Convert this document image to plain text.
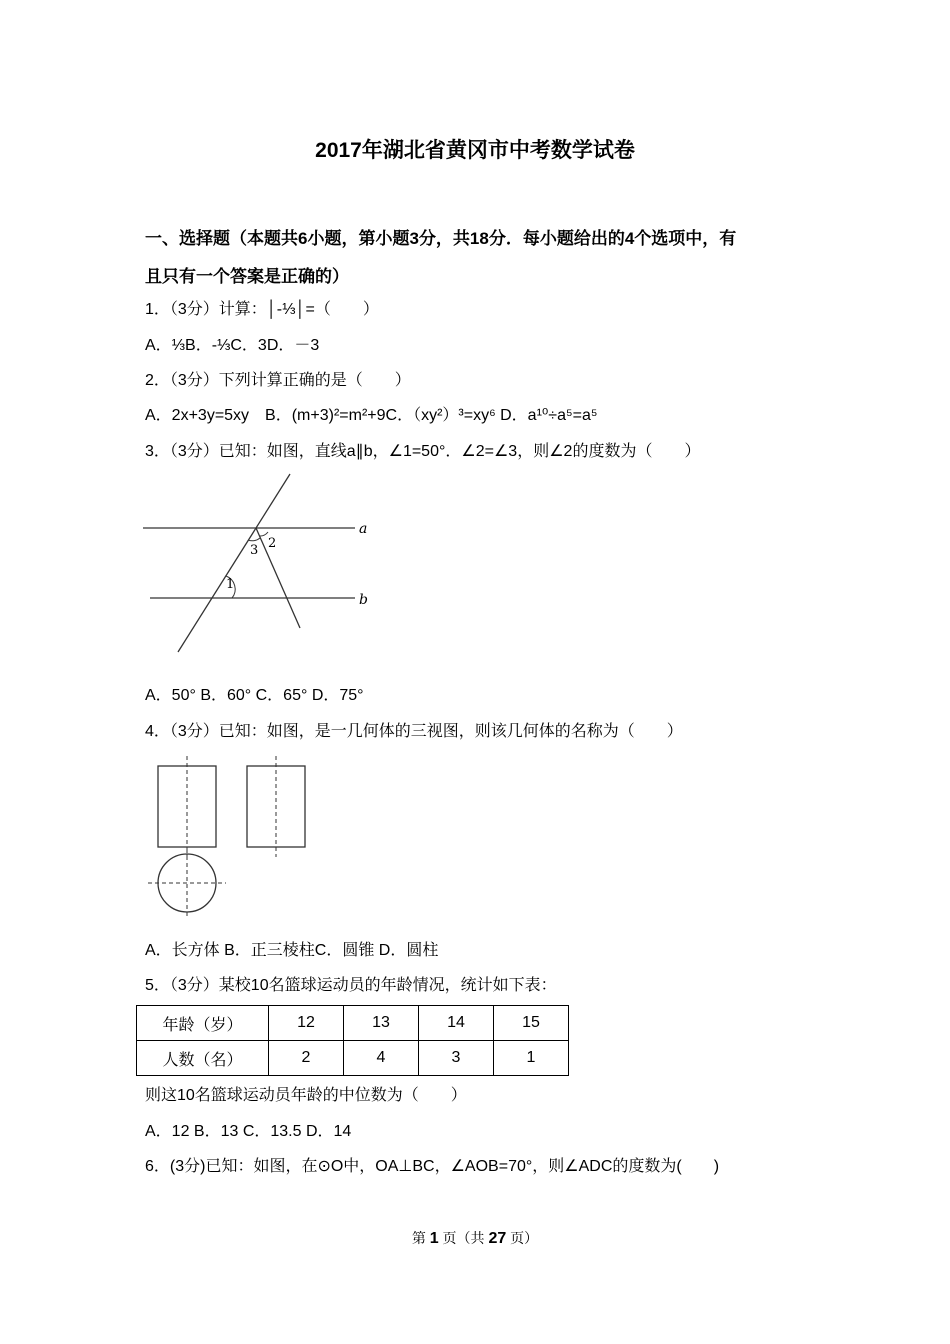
2017年湖北省黄冈市中考数学试卷
一、选择题（本题共6小题，第小题3分，共18分．每小题给出的4个选项中，有
且只有一个答案是正确的）
1．（3分）计算：│-⅓│=（　　）
A．⅓B．-⅓C．3D．－3
2．（3分）下列计算正确的是（　　）
A．2x+3y=5xy　B．(m+3)²=m²+9C．（xy²）³=xy⁶ D．a¹⁰÷a⁵=a⁵
3．（3分）已知：如图，直线a∥b，∠1=50°．∠2=∠3，则∠2的度数为（　　）
a
b
1
2
3
A．50° B．60° C．65° D．75°
4．（3分）已知：如图，是一几何体的三视图，则该几何体的名称为（　　）
A．长方体 B．正三棱柱C．圆锥 D．圆柱
5．（3分）某校10名篮球运动员的年龄情况，统计如下表：
年龄（岁）	12	13	14	15
人数（名）	2	4	3	1
则这10名篮球运动员年龄的中位数为（　　）
A．12 B．13 C．13.5 D．14
6．(3分)已知：如图，在⊙O中，OA⊥BC，∠AOB=70°，则∠ADC的度数为(　　)
第 1 页（共 27 页）
